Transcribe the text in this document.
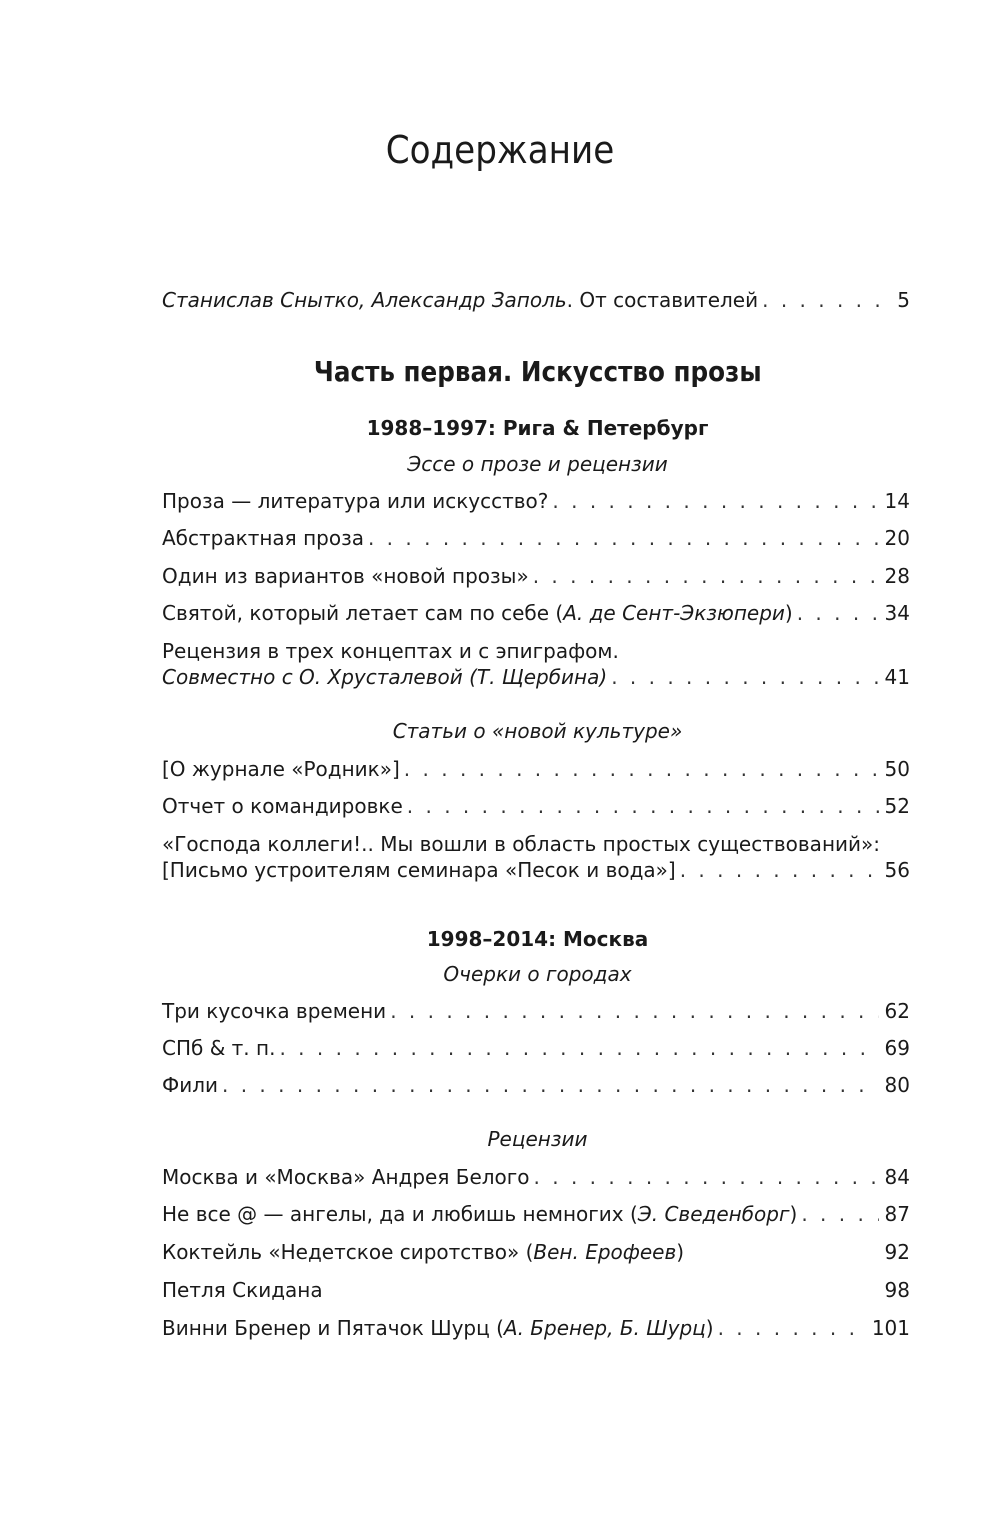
Содержание
Станислав Снытко, Александр Заполь. От составителей . . .	5
Часть первая. Искусство прозы
1988–1997: Рига & Петербург
Эссе о прозе и рецензии
Проза — литература или искусство? . . .	14
Абстрактная проза . . .	20
Один из вариантов «новой прозы» . . .	28
Святой, который летает сам по себе (А. де Сент-Экзюпери) . . .	34
Рецензия в трех концептах и с эпиграфом.
Совместно с О. Хрусталевой (Т. Щербина) . . .	41
Статьи о «новой культуре»
[О журнале «Родник»] . . .	50
Отчет о командировке . . .	52
«Господа коллеги!.. Мы вошли в область простых существований»:
[Письмо устроителям семинара «Песок и вода»] . . .	56
1998–2014: Москва
Очерки о городах
Три кусочка времени . . .	62
СПб & т. п. . . .	69
Фили . . .	80
Рецензии
Москва и «Москва» Андрея Белого . . .	84
Не все @ — ангелы, да и любишь немногих (Э. Сведенборг) . . .	87
Коктейль «Недетское сиротство» (Вен. Ерофеев)	92
Петля Скидана	98
Винни Бренер и Пятачок Шурц (А. Бренер, Б. Шурц) . . .	101
